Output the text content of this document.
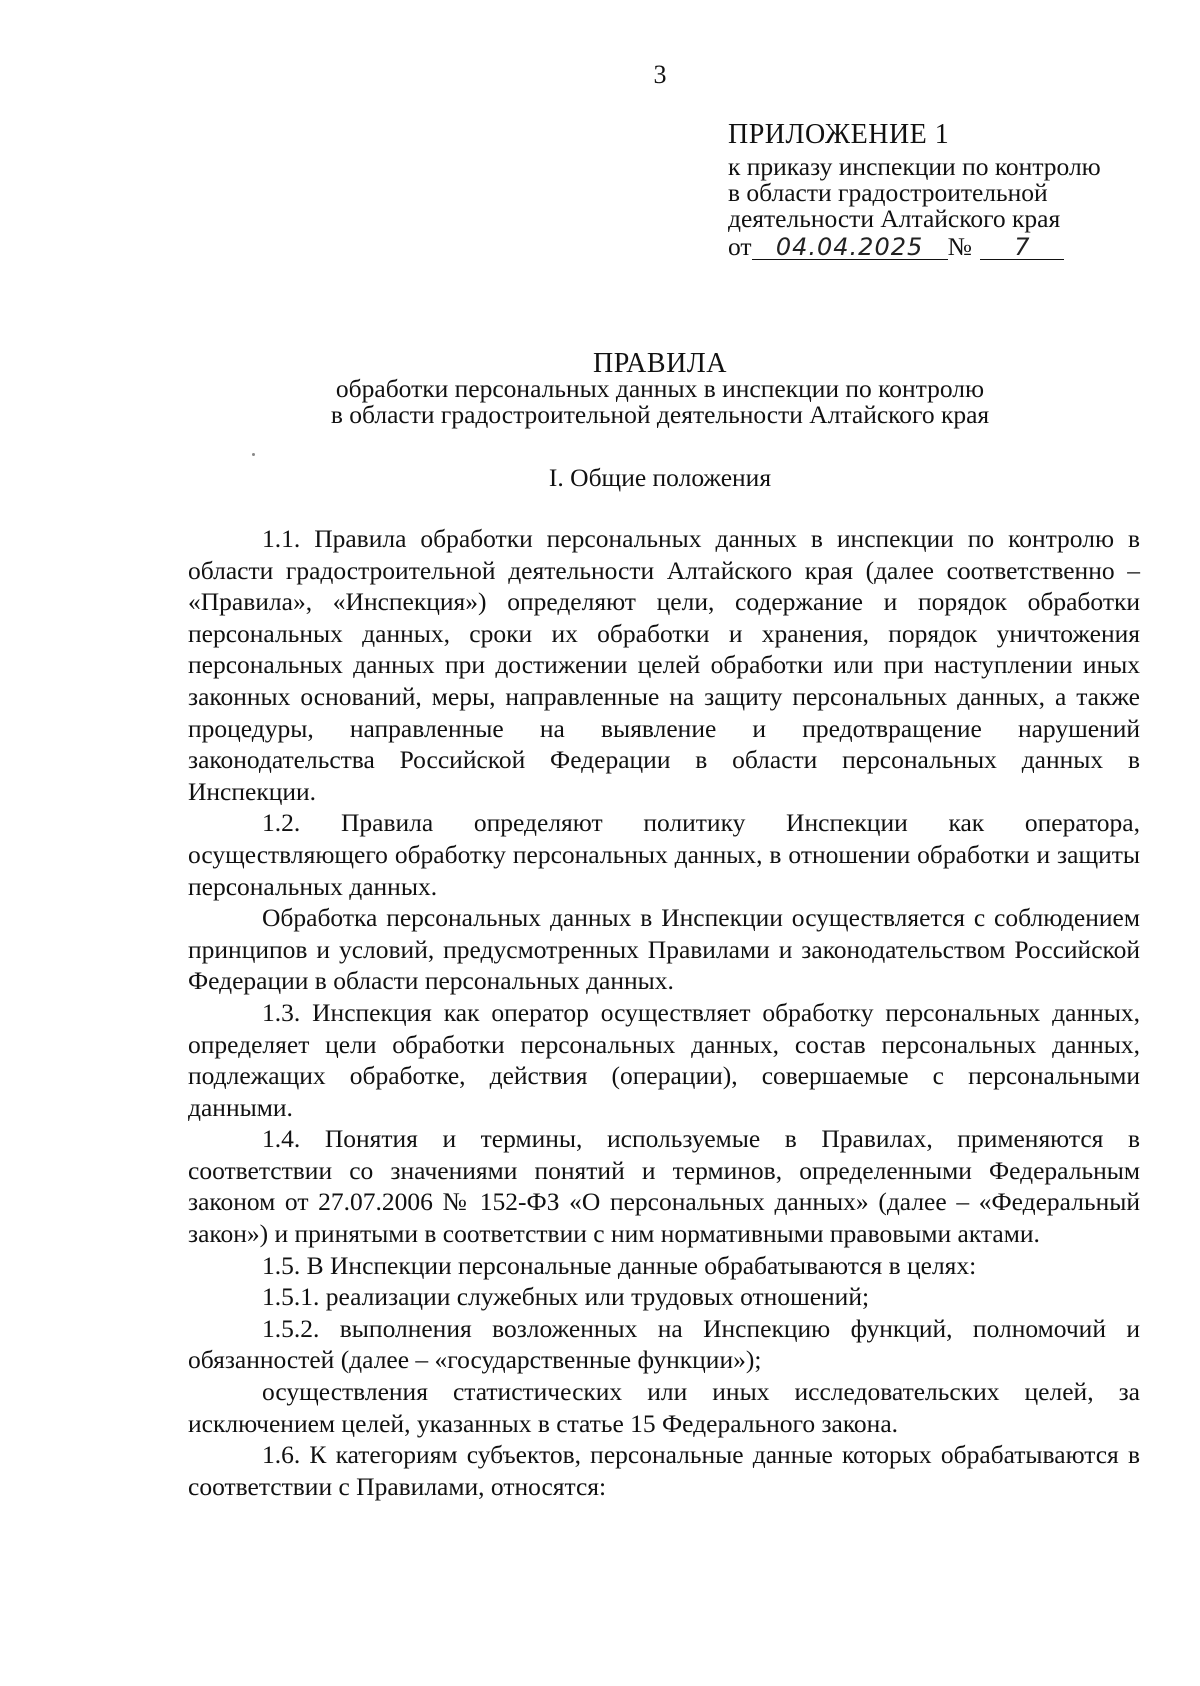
3
ПРИЛОЖЕНИЕ 1
к приказу инспекции по контролю
в области градостроительной
деятельности Алтайского края
от 04.04.2025 № 7
ПРАВИЛА
обработки персональных данных в инспекции по контролю
в области градостроительной деятельности Алтайского края
I. Общие положения

1.1. Правила обработки персональных данных в инспекции по контролю в области градостроительной деятельности Алтайского края (далее соответственно – «Правила», «Инспекция») определяют цели, содержание и порядок обработки персональных данных, сроки их обработки и хранения, порядок уничтожения персональных данных при достижении целей обработки или при наступлении иных законных оснований, меры, направленные на защиту персональных данных, а также процедуры, направленные на выявление и предотвращение нарушений законодательства Российской Федерации в области персональных данных в Инспекции.

1.2. Правила определяют политику Инспекции как оператора, осуществляющего обработку персональных данных, в отношении обработки и защиты персональных данных.

Обработка персональных данных в Инспекции осуществляется с соблюдением принципов и условий, предусмотренных Правилами и законодательством Российской Федерации в области персональных данных.

1.3. Инспекция как оператор осуществляет обработку персональных данных, определяет цели обработки персональных данных, состав персональных данных, подлежащих обработке, действия (операции), совершаемые с персональными данными.

1.4. Понятия и термины, используемые в Правилах, применяются в соответствии со значениями понятий и терминов, определенными Федеральным законом от 27.07.2006 № 152-ФЗ «О персональных данных» (далее – «Федеральный закон») и принятыми в соответствии с ним нормативными правовыми актами.

1.5. В Инспекции персональные данные обрабатываются в целях:

1.5.1. реализации служебных или трудовых отношений;

1.5.2. выполнения возложенных на Инспекцию функций, полномочий и обязанностей (далее – «государственные функции»);

осуществления статистических или иных исследовательских целей, за исключением целей, указанных в статье 15 Федерального закона.

1.6. К категориям субъектов, персональные данные которых обрабатываются в соответствии с Правилами, относятся:
